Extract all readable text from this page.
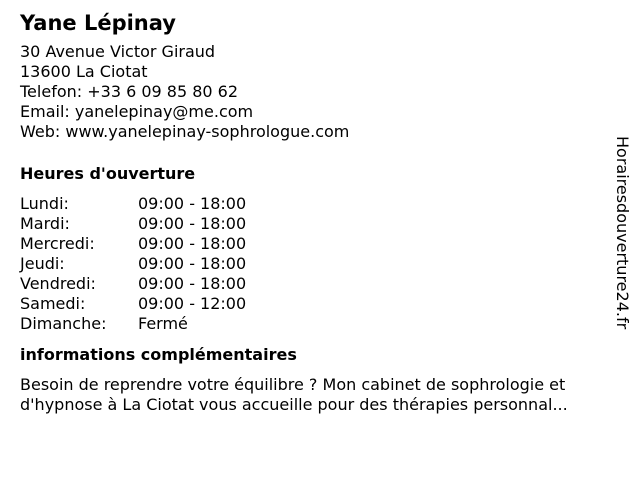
Yane Lépinay
30 Avenue Victor Giraud
13600 La Ciotat
Telefon: +33 6 09 85 80 62
Email: yanelepinay@me.com
Web: www.yanelepinay-sophrologue.com
Heures d'ouverture
Lundi:	09:00 - 18:00
Mardi:	09:00 - 18:00
Mercredi:	09:00 - 18:00
Jeudi:	09:00 - 18:00
Vendredi:	09:00 - 18:00
Samedi:	09:00 - 12:00
Dimanche:	Fermé
informations complémentaires
Besoin de reprendre votre équilibre ? Mon cabinet de sophrologie et d'hypnose à La Ciotat vous accueille pour des thérapies personnal...
Horairesdouverture24.fr
